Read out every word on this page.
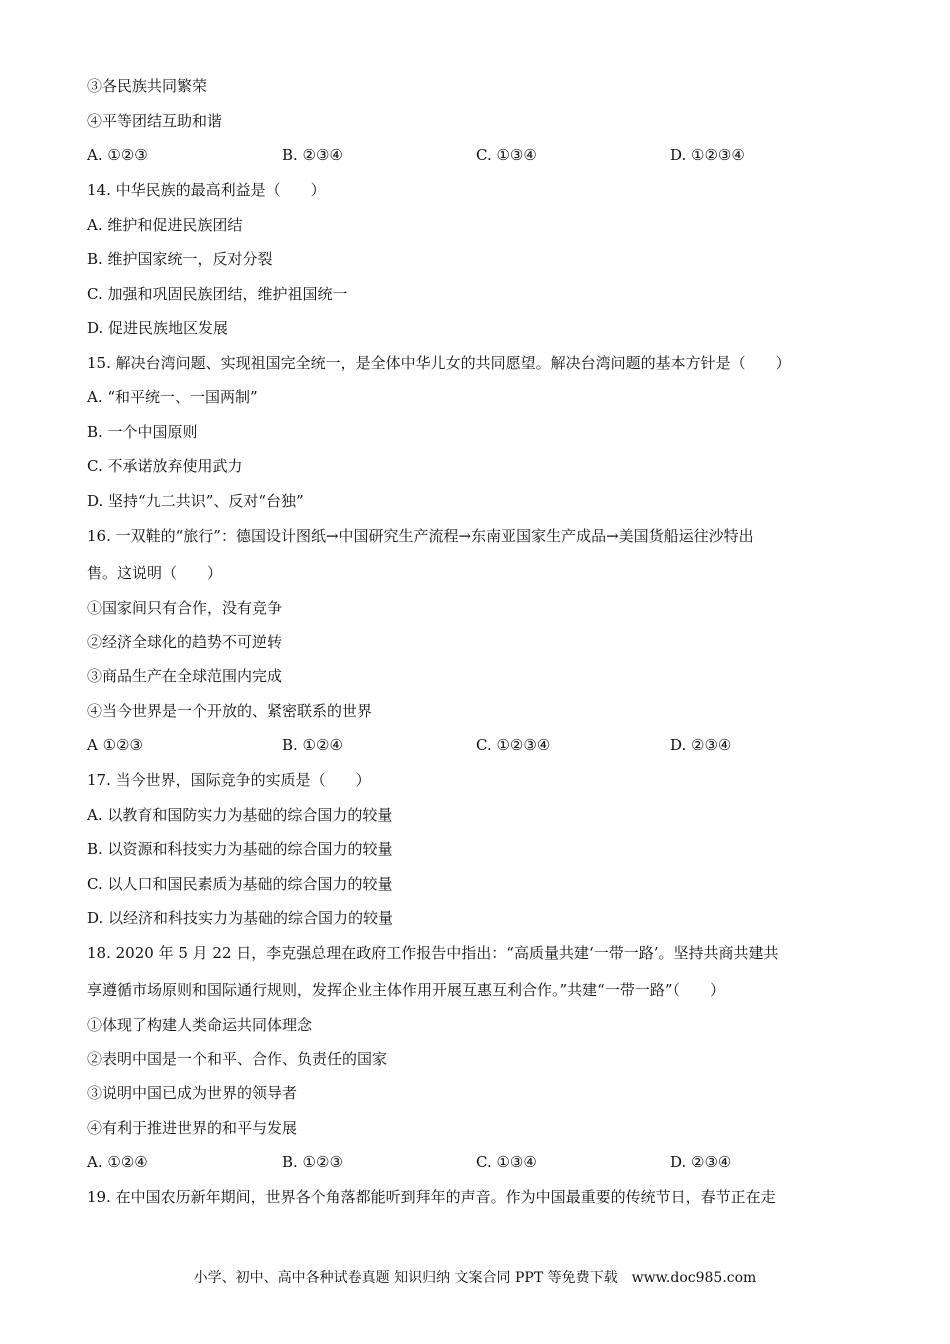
③各民族共同繁荣
④平等团结互助和谐
A. ①②③	B. ②③④	C. ①③④	D. ①②③④
14. 中华民族的最高利益是（　　）
A. 维护和促进民族团结
B. 维护国家统一，反对分裂
C. 加强和巩固民族团结，维护祖国统一
D. 促进民族地区发展
15. 解决台湾问题、实现祖国完全统一，是全体中华儿女的共同愿望。解决台湾问题的基本方针是（　　）
A. “和平统一、一国两制”
B. 一个中国原则
C. 不承诺放弃使用武力
D. 坚持“九二共识”、反对“台独”
16. 一双鞋的“旅行”：德国设计图纸→中国研究生产流程→东南亚国家生产成品→美国货船运往沙特出
售。这说明（　　）
①国家间只有合作，没有竞争
②经济全球化的趋势不可逆转
③商品生产在全球范围内完成
④当今世界是一个开放的、紧密联系的世界
A ①②③	B. ①②④	C. ①②③④	D. ②③④
17. 当今世界，国际竞争的实质是（　　）
A. 以教育和国防实力为基础的综合国力的较量
B. 以资源和科技实力为基础的综合国力的较量
C. 以人口和国民素质为基础的综合国力的较量
D. 以经济和科技实力为基础的综合国力的较量
18. 2020 年 5 月 22 日，李克强总理在政府工作报告中指出：“高质量共建‘一带一路’。坚持共商共建共
享遵循市场原则和国际通行规则，发挥企业主体作用开展互惠互利合作。”共建“一带一路”（　　）
①体现了构建人类命运共同体理念
②表明中国是一个和平、合作、负责任的国家
③说明中国已成为世界的领导者
④有利于推进世界的和平与发展
A. ①②④	B. ①②③	C. ①③④	D. ②③④
19. 在中国农历新年期间，世界各个角落都能听到拜年的声音。作为中国最重要的传统节日，春节正在走
小学、初中、高中各种试卷真题 知识归纳 文案合同 PPT 等免费下载　www.doc985.com
